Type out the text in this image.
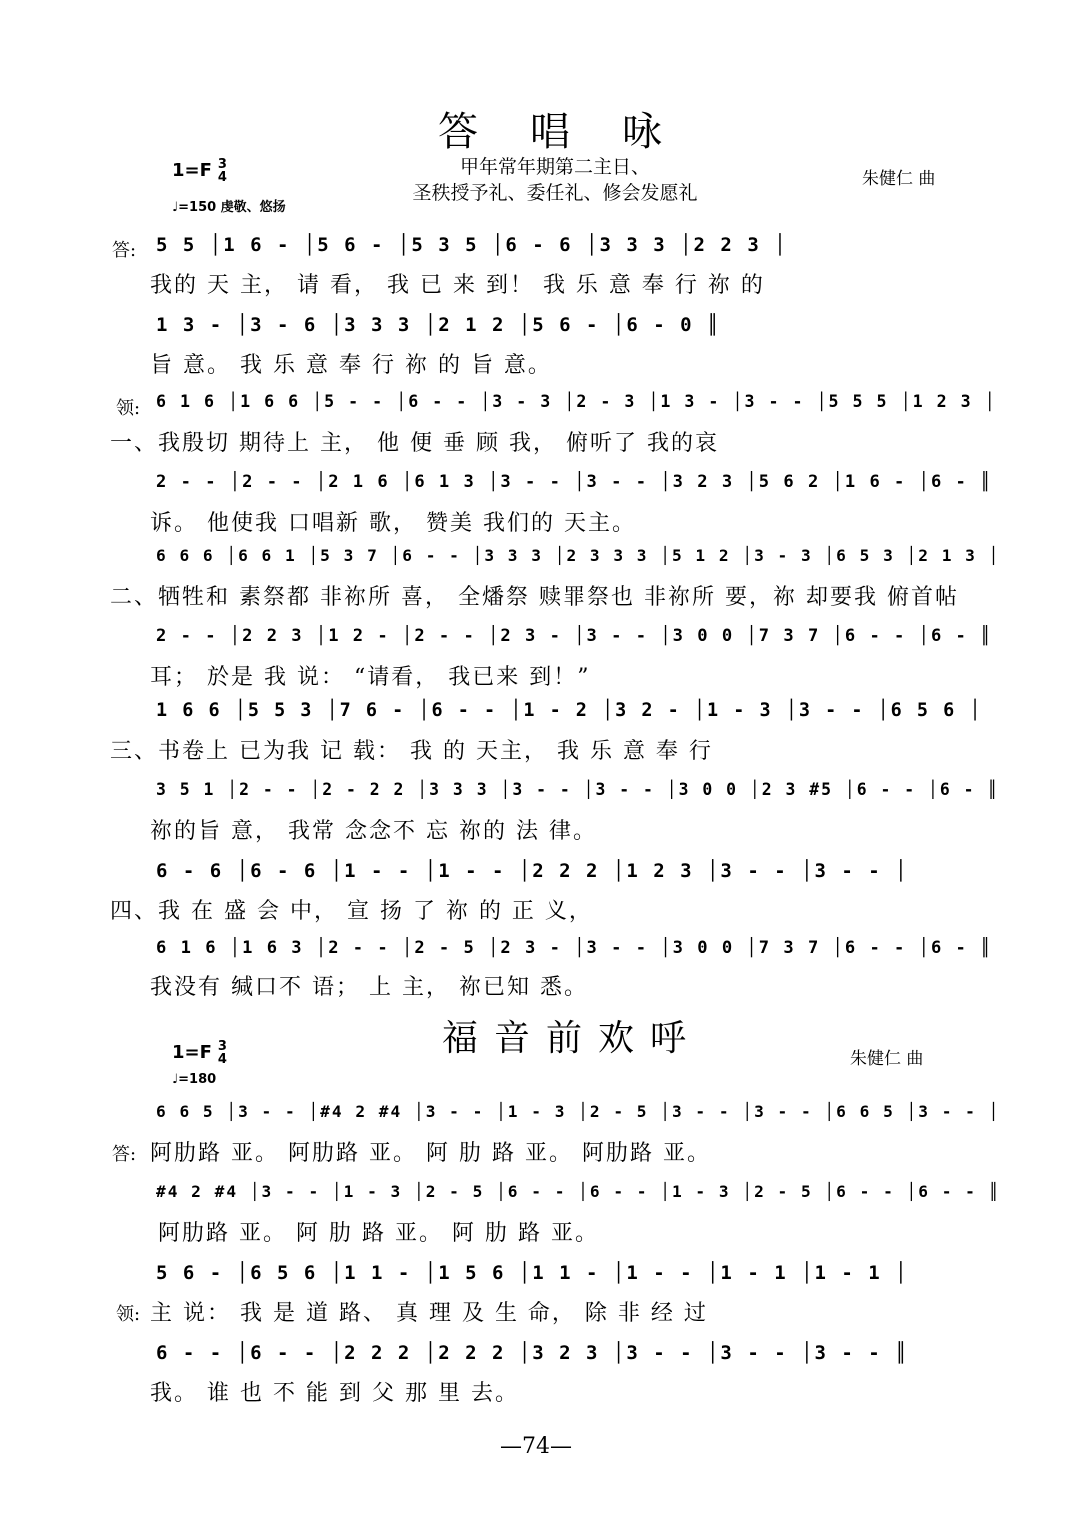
答唱咏
甲年常年期第二主日、
圣秩授予礼、委任礼、修会发愿礼
1=F 3
4
♩=150 虔敬、悠扬
朱健仁 曲
答: 5 5 │1 6 - │5 6 - │5 3 5 │6 - 6 │3 3 3 │2 2 3 │
我的 天 主， 请 看， 我 已 来 到！ 我 乐 意 奉 行 祢 的
1 3 - │3 - 6 │3 3 3 │2 1 2 │5 6 - │6 - 0 ║
旨 意。 我 乐 意 奉 行 祢 的 旨 意。
领: 6 1 6 │1 6 6 │5 - - │6 - - │3 - 3 │2 - 3 │1 3 - │3 - - │5 5 5 │1 2 3 │
一、我殷切 期待上 主， 他 便 垂 顾 我， 俯听了 我的哀
2 - - │2 - - │2 1 6 │6 1 3 │3 - - │3 - - │3 2 3 │5 6 2 │1 6 - │6 - ║
诉。 他使我 口唱新 歌， 赞美 我们的 天主。
6 6 6 │6 6 1 │5 3 7 │6 - - │3 3 3 │2 3 3 3 │5 1 2 │3 - 3 │6 5 3 │2 1 3 │
二、牺牲和 素祭都 非祢所 喜， 全燔祭 赎罪祭也 非祢所 要，祢 却要我 俯首帖
2 - - │2 2 3 │1 2 - │2 - - │2 3 - │3 - - │3 0 0 │7 3 7 │6 - - │6 - ║
耳； 於是 我 说： “请看， 我已来 到！”
1 6 6 │5 5 3 │7 6 - │6 - - │1 - 2 │3 2 - │1 - 3 │3 - - │6 5 6 │
三、书卷上 已为我 记 载： 我 的 天主， 我 乐 意 奉 行
3 5 1 │2 - - │2 - 2 2 │3 3 3 │3 - - │3 - - │3 0 0 │2 3 #5 │6 - - │6 - ║
祢的旨 意， 我常 念念不 忘 祢的 法 律。
6 - 6 │6 - 6 │1 - - │1 - - │2 2 2 │1 2 3 │3 - - │3 - - │
四、我 在 盛 会 中， 宣 扬 了 祢 的 正 义，
6 1 6 │1 6 3 │2 - - │2 - 5 │2 3 - │3 - - │3 0 0 │7 3 7 │6 - - │6 - ║
我没有 缄口不 语； 上 主， 祢已知 悉。
福音前欢呼
1=F 3
4
♩=180
朱健仁 曲
6 6 5 │3 - - │#4 2 #4 │3 - - │1 - 3 │2 - 5 │3 - - │3 - - │6 6 5 │3 - - │
答: 阿肋路 亚。 阿肋路 亚。 阿 肋 路 亚。 阿肋路 亚。
#4 2 #4 │3 - - │1 - 3 │2 - 5 │6 - - │6 - - │1 - 3 │2 - 5 │6 - - │6 - - ║
阿肋路 亚。 阿 肋 路 亚。 阿 肋 路 亚。
5 6 - │6 5 6 │1 1 - │1 5 6 │1 1 - │1 - - │1 - 1 │1 - 1 │
领: 主 说： 我 是 道 路、 真 理 及 生 命， 除 非 经 过
6 - - │6 - - │2 2 2 │2 2 2 │3 2 3 │3 - - │3 - - │3 - - ║
我。 谁 也 不 能 到 父 那 里 去。
—74—
